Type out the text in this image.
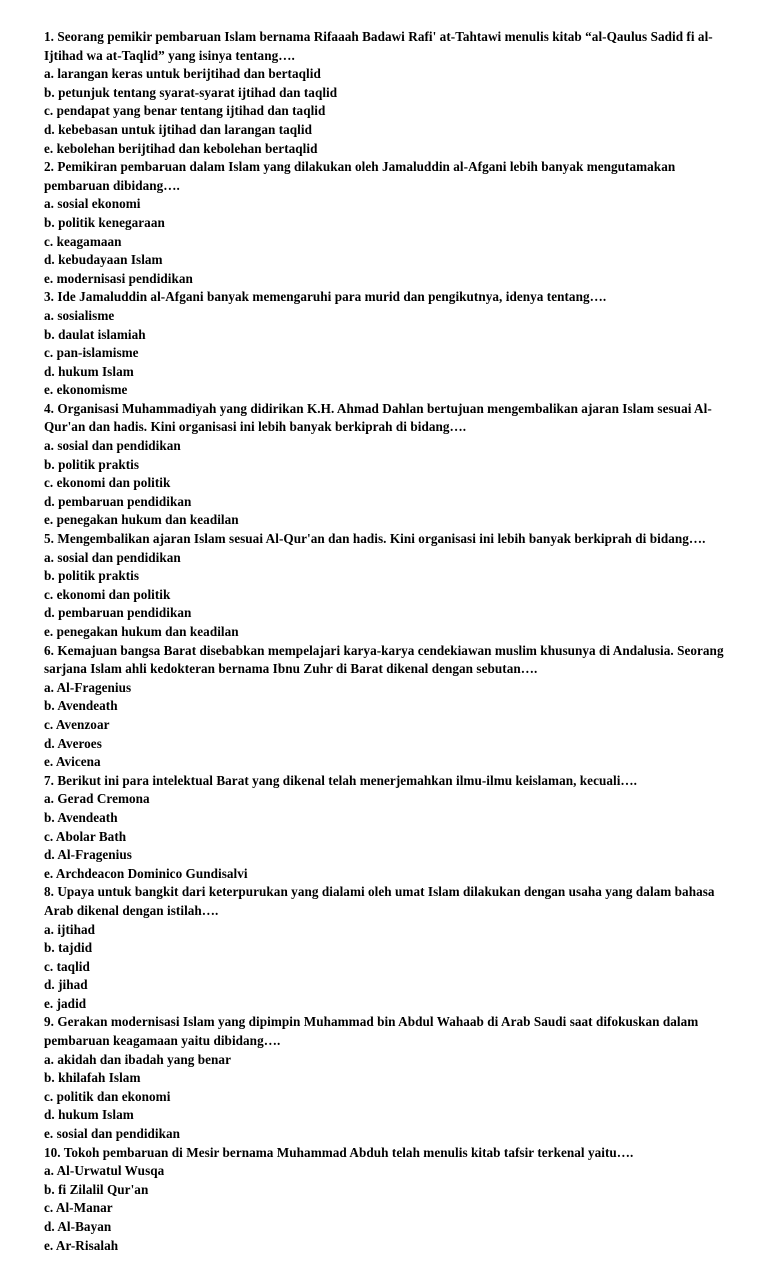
1. Seorang pemikir pembaruan Islam bernama Rifaaah Badawi Rafi' at-Tahtawi menulis kitab “al-Qaulus Sadid fi al-Ijtihad wa at-Taqlid” yang isinya tentang….
a. larangan keras untuk berijtihad dan bertaqlid
b. petunjuk tentang syarat-syarat ijtihad dan taqlid
c. pendapat yang benar tentang ijtihad dan taqlid
d. kebebasan untuk ijtihad dan larangan taqlid
e. kebolehan berijtihad dan kebolehan bertaqlid
2. Pemikiran pembaruan dalam Islam yang dilakukan oleh Jamaluddin al-Afgani lebih banyak mengutamakan pembaruan dibidang….
a. sosial ekonomi
b. politik kenegaraan
c. keagamaan
d. kebudayaan Islam
e. modernisasi pendidikan
3. Ide Jamaluddin al-Afgani banyak memengaruhi para murid dan pengikutnya, idenya tentang….
a. sosialisme
b. daulat islamiah
c. pan-islamisme
d. hukum Islam
e. ekonomisme
4. Organisasi Muhammadiyah yang didirikan K.H. Ahmad Dahlan bertujuan mengembalikan ajaran Islam sesuai Al-Qur'an dan hadis. Kini organisasi ini lebih banyak berkiprah di bidang….
a. sosial dan pendidikan
b. politik praktis
c. ekonomi dan politik
d. pembaruan pendidikan
e. penegakan hukum dan keadilan
5. Mengembalikan ajaran Islam sesuai Al-Qur'an dan hadis. Kini organisasi ini lebih banyak berkiprah di bidang….
a. sosial dan pendidikan
b. politik praktis
c. ekonomi dan politik
d. pembaruan pendidikan
e. penegakan hukum dan keadilan
6. Kemajuan bangsa Barat disebabkan mempelajari karya-karya cendekiawan muslim khusunya di Andalusia. Seorang sarjana Islam ahli kedokteran bernama Ibnu Zuhr di Barat dikenal dengan sebutan….
a. Al-Fragenius
b. Avendeath
c. Avenzoar
d. Averoes
e. Avicena
7. Berikut ini para intelektual Barat yang dikenal telah menerjemahkan ilmu-ilmu keislaman, kecuali….
a. Gerad Cremona
b. Avendeath
c. Abolar Bath
d. Al-Fragenius
e. Archdeacon Dominico Gundisalvi
8. Upaya untuk bangkit dari keterpurukan yang dialami oleh umat Islam dilakukan dengan usaha yang dalam bahasa Arab dikenal dengan istilah….
a. ijtihad
b. tajdid
c. taqlid
d. jihad
e. jadid
9. Gerakan modernisasi Islam yang dipimpin Muhammad bin Abdul Wahaab di Arab Saudi saat difokuskan dalam pembaruan keagamaan yaitu dibidang….
a. akidah dan ibadah yang benar
b. khilafah Islam
c. politik dan ekonomi
d. hukum Islam
e. sosial dan pendidikan
10. Tokoh pembaruan di Mesir bernama Muhammad Abduh telah menulis kitab tafsir terkenal yaitu….
a. Al-Urwatul Wusqa
b. fi Zilalil Qur'an
c. Al-Manar
d. Al-Bayan
e. Ar-Risalah
